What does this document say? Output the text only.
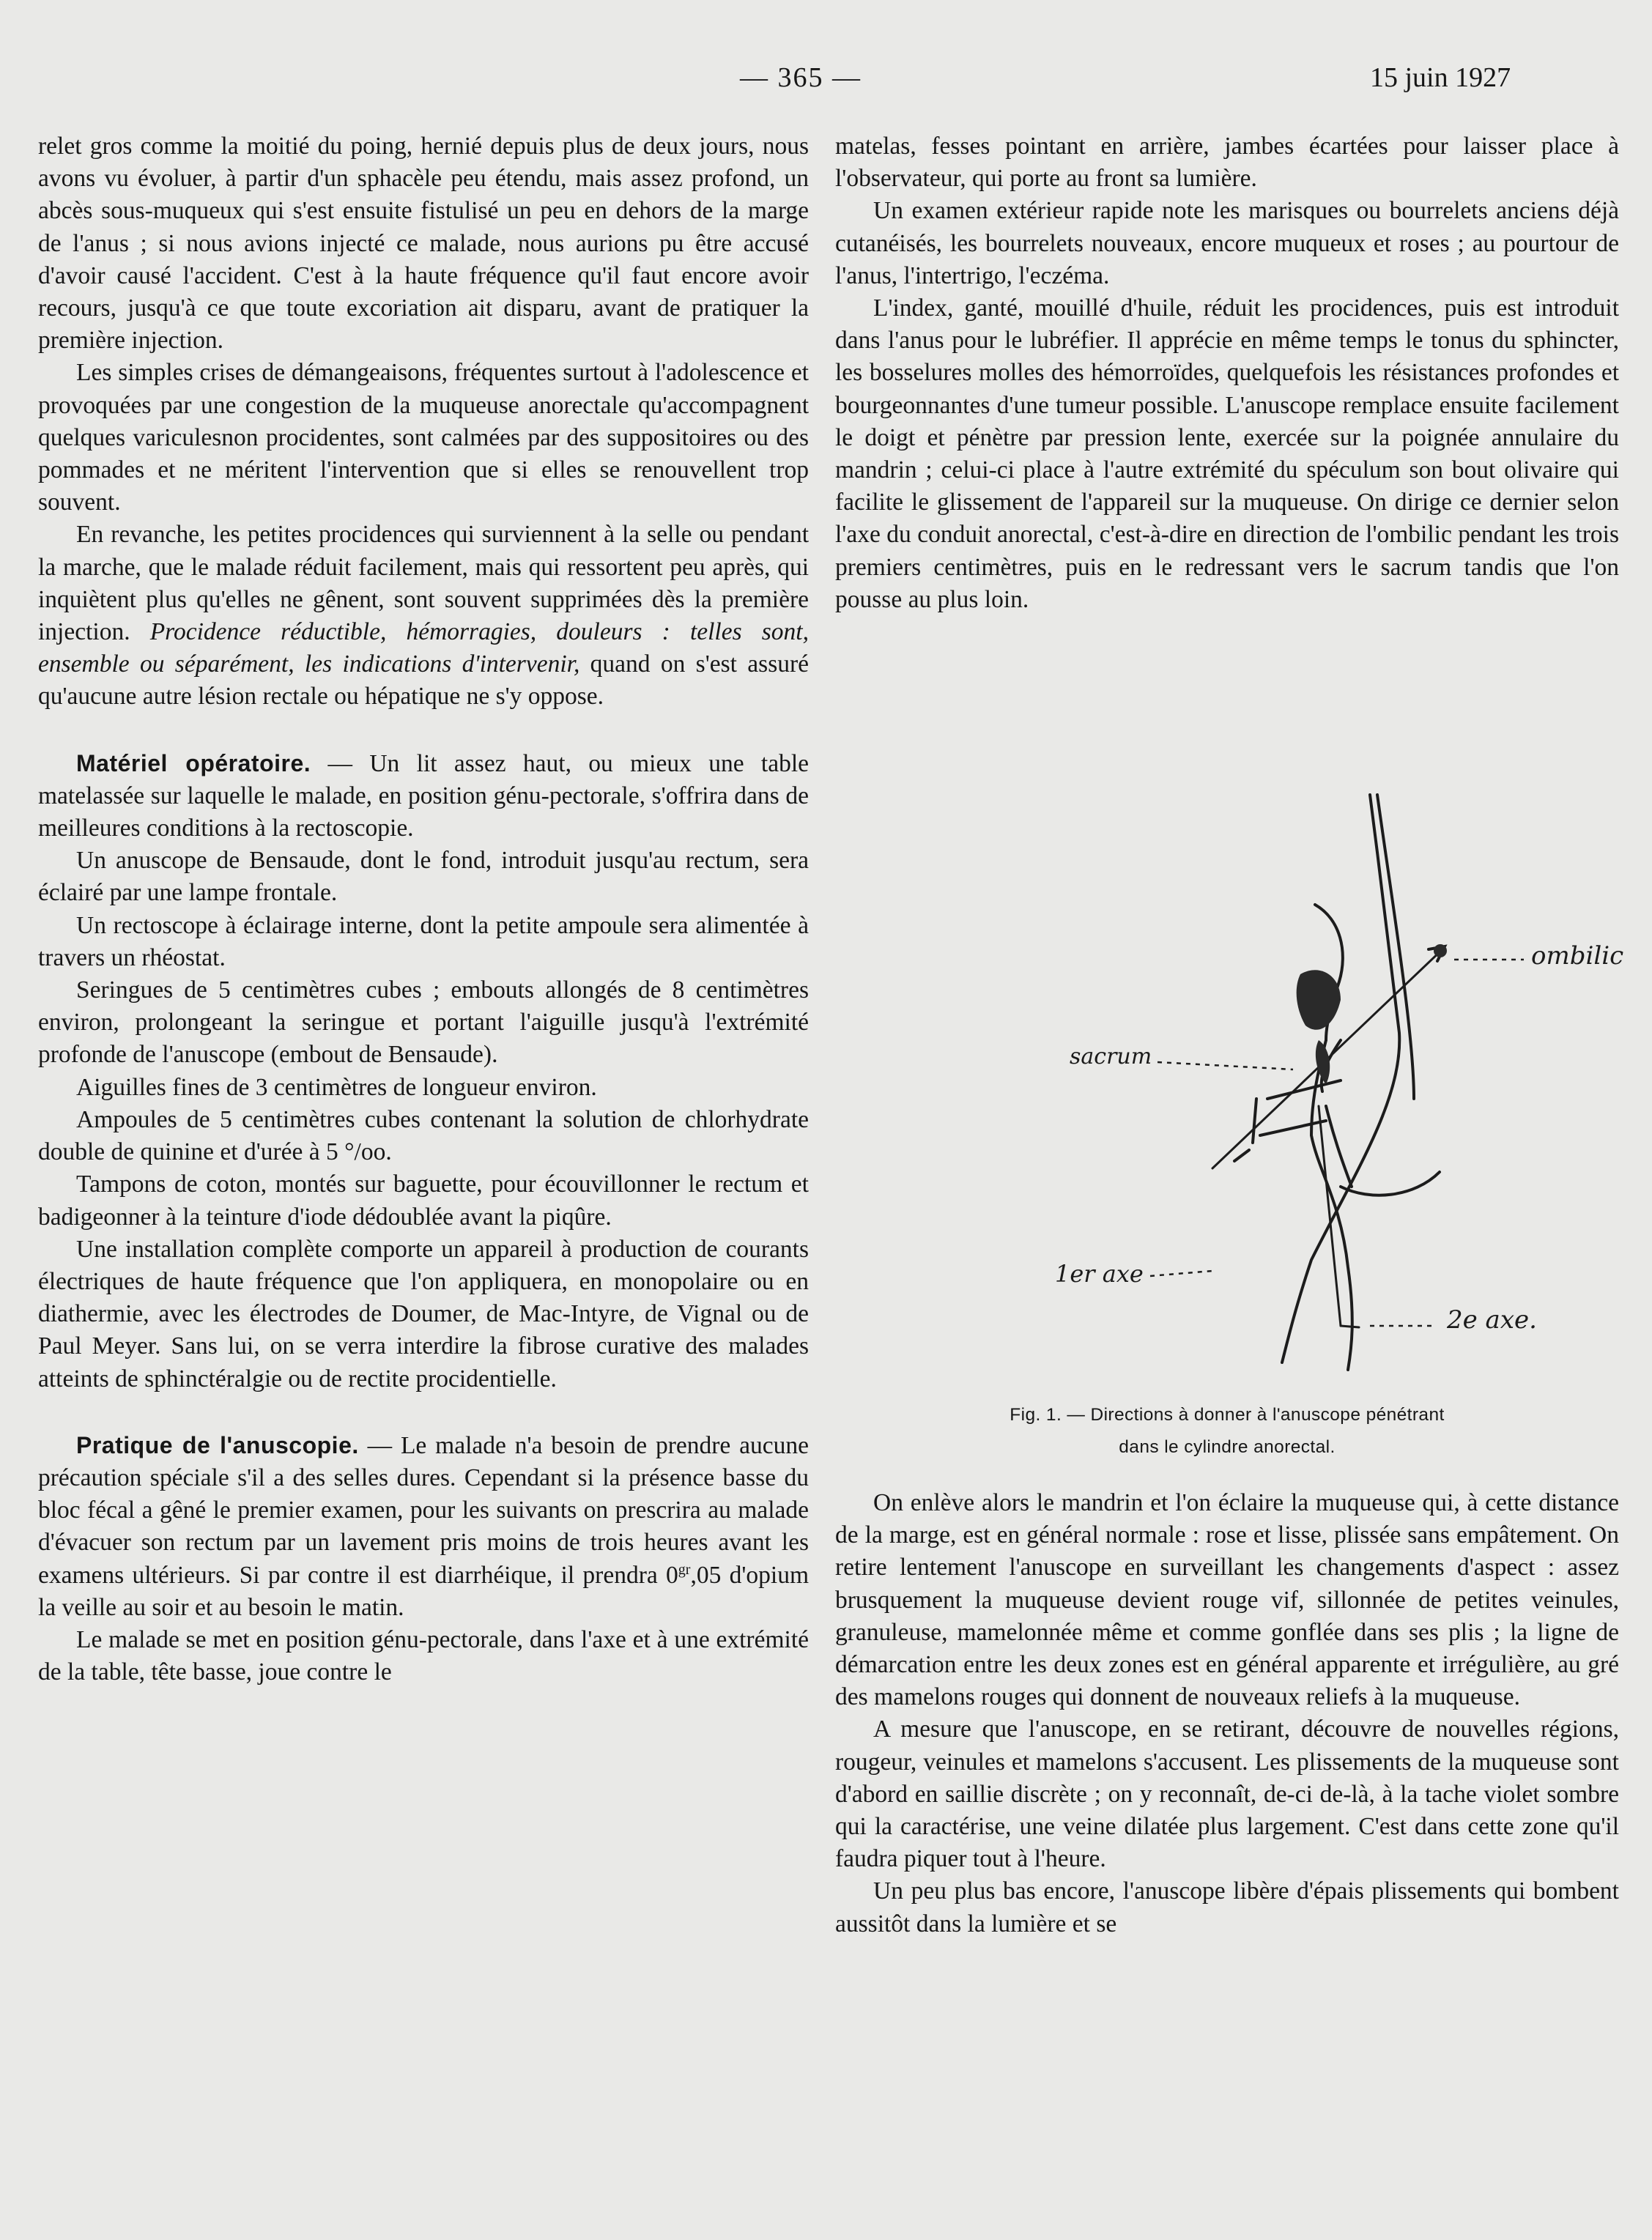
— 365 —	15 juin 1927

relet gros comme la moitié du poing, hernié depuis plus de deux jours, nous avons vu évoluer, à partir d'un sphacèle peu étendu, mais assez profond, un abcès sous-muqueux qui s'est ensuite fistulisé un peu en dehors de la marge de l'anus ; si nous avions injecté ce malade, nous aurions pu être accusé d'avoir causé l'accident. C'est à la haute fréquence qu'il faut encore avoir recours, jusqu'à ce que toute excoriation ait disparu, avant de pratiquer la première injection.

Les simples crises de démangeaisons, fréquentes surtout à l'adolescence et provoquées par une congestion de la muqueuse anorectale qu'accompagnent quelques variculesnon procidentes, sont calmées par des suppositoires ou des pommades et ne méritent l'intervention que si elles se renouvellent trop souvent.

En revanche, les petites procidences qui surviennent à la selle ou pendant la marche, que le malade réduit facilement, mais qui ressortent peu après, qui inquiètent plus qu'elles ne gênent, sont souvent supprimées dès la première injection. Procidence réductible, hémorragies, douleurs : telles sont, ensemble ou séparément, les indications d'intervenir, quand on s'est assuré qu'aucune autre lésion rectale ou hépatique ne s'y oppose.

Matériel opératoire. — Un lit assez haut, ou mieux une table matelassée sur laquelle le malade, en position génu-pectorale, s'offrira dans de meilleures conditions à la rectoscopie.

Un anuscope de Bensaude, dont le fond, introduit jusqu'au rectum, sera éclairé par une lampe frontale.

Un rectoscope à éclairage interne, dont la petite ampoule sera alimentée à travers un rhéostat.

Seringues de 5 centimètres cubes ; embouts allongés de 8 centimètres environ, prolongeant la seringue et portant l'aiguille jusqu'à l'extrémité profonde de l'anuscope (embout de Bensaude).

Aiguilles fines de 3 centimètres de longueur environ.

Ampoules de 5 centimètres cubes contenant la solution de chlorhydrate double de quinine et d'urée à 5 °/oo.

Tampons de coton, montés sur baguette, pour écouvillonner le rectum et badigeonner à la teinture d'iode dédoublée avant la piqûre.

Une installation complète comporte un appareil à production de courants électriques de haute fréquence que l'on appliquera, en monopolaire ou en diathermie, avec les électrodes de Doumer, de Mac-Intyre, de Vignal ou de Paul Meyer. Sans lui, on se verra interdire la fibrose curative des malades atteints de sphinctéralgie ou de rectite procidentielle.

Pratique de l'anuscopie. — Le malade n'a besoin de prendre aucune précaution spéciale s'il a des selles dures. Cependant si la présence basse du bloc fécal a gêné le premier examen, pour les suivants on prescrira au malade d'évacuer son rectum par un lavement pris moins de trois heures avant les examens ultérieurs. Si par contre il est diarrhéique, il prendra $0^{gr},05$ d'opium la veille au soir et au besoin le matin.

Le malade se met en position génu-pectorale, dans l'axe et à une extrémité de la table, tête basse, joue contre le

matelas, fesses pointant en arrière, jambes écartées pour laisser place à l'observateur, qui porte au front sa lumière.

Un examen extérieur rapide note les marisques ou bourrelets anciens déjà cutanéisés, les bourrelets nouveaux, encore muqueux et roses ; au pourtour de l'anus, l'intertrigo, l'eczéma.

L'index, ganté, mouillé d'huile, réduit les procidences, puis est introduit dans l'anus pour le lubréfier. Il apprécie en même temps le tonus du sphincter, les bosselures molles des hémorroïdes, quelquefois les résistances profondes et bourgeonnantes d'une tumeur possible. L'anuscope remplace ensuite facilement le doigt et pénètre par pression lente, exercée sur la poignée annulaire du mandrin ; celui-ci place à l'autre extrémité du spéculum son bout olivaire qui facilite le glissement de l'appareil sur la muqueuse. On dirige ce dernier selon l'axe du conduit anorectal, c'est-à-dire en direction de l'ombilic pendant les trois premiers centimètres, puis en le redressant vers le sacrum tandis que l'on pousse au plus loin.

ombilic
sacrum
1er axe
2e axe.
Fig. 1. — Directions à donner à l'anuscope pénétrant
dans le cylindre anorectal.

On enlève alors le mandrin et l'on éclaire la muqueuse qui, à cette distance de la marge, est en général normale : rose et lisse, plissée sans empâtement. On retire lentement l'anuscope en surveillant les changements d'aspect : assez brusquement la muqueuse devient rouge vif, sillonnée de petites veinules, granuleuse, mamelonnée même et comme gonflée dans ses plis ; la ligne de démarcation entre les deux zones est en général apparente et irrégulière, au gré des mamelons rouges qui donnent de nouveaux reliefs à la muqueuse.

A mesure que l'anuscope, en se retirant, découvre de nouvelles régions, rougeur, veinules et mamelons s'accusent. Les plissements de la muqueuse sont d'abord en saillie discrète ; on y reconnaît, de-ci de-là, à la tache violet sombre qui la caractérise, une veine dilatée plus largement. C'est dans cette zone qu'il faudra piquer tout à l'heure.

Un peu plus bas encore, l'anuscope libère d'épais plissements qui bombent aussitôt dans la lumière et se
